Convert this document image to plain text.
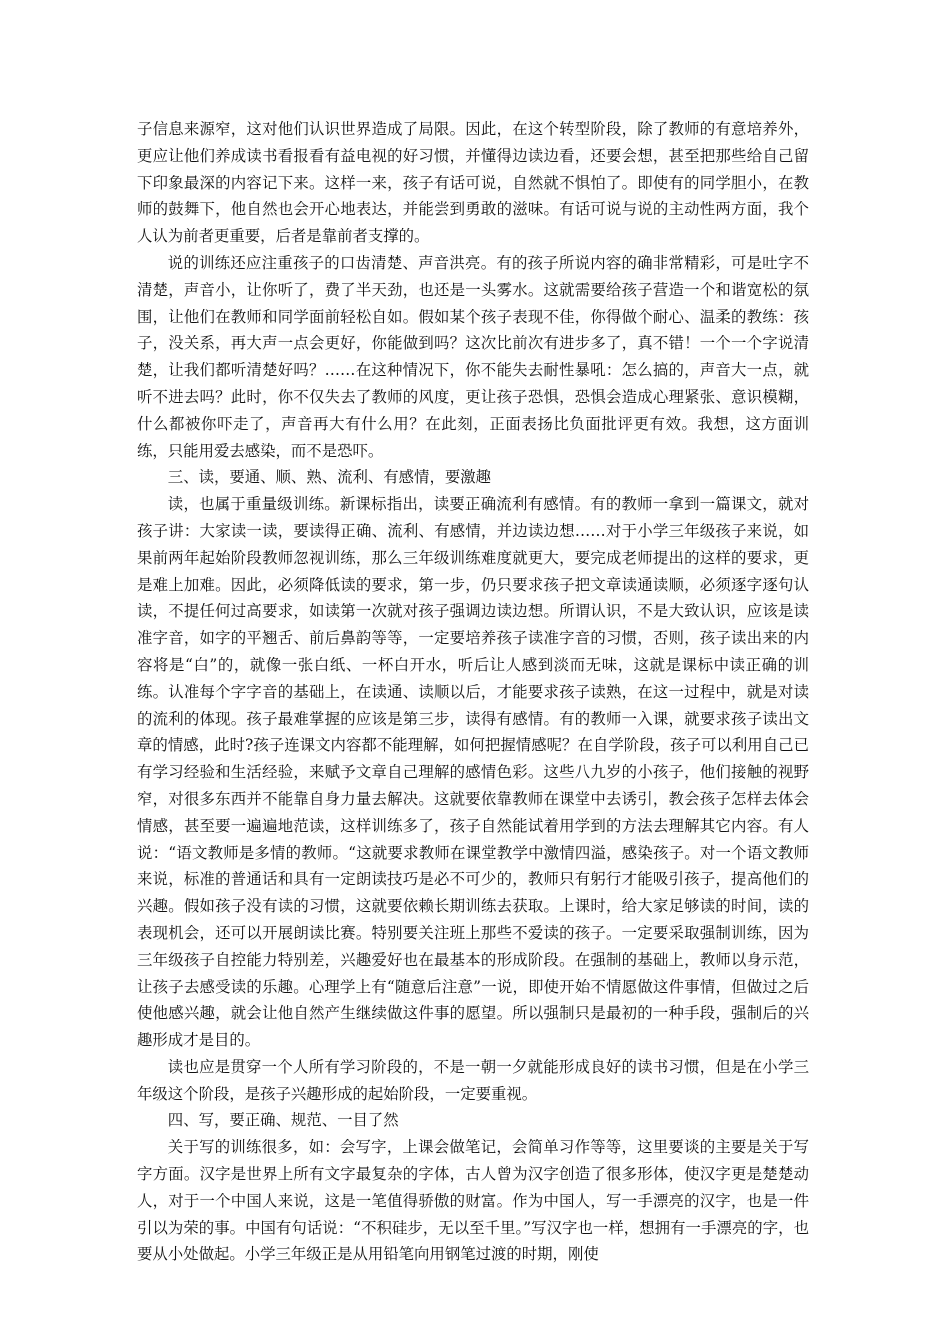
子信息来源窄，这对他们认识世界造成了局限。因此，在这个转型阶段，除了教师的有意培养外，更应让他们养成读书看报看有益电视的好习惯，并懂得边读边看，还要会想，甚至把那些给自己留下印象最深的内容记下来。这样一来，孩子有话可说，自然就不惧怕了。即使有的同学胆小，在教师的鼓舞下，他自然也会开心地表达，并能尝到勇敢的滋味。有话可说与说的主动性两方面，我个人认为前者更重要，后者是靠前者支撑的。

说的训练还应注重孩子的口齿清楚、声音洪亮。有的孩子所说内容的确非常精彩，可是吐字不清楚，声音小，让你听了，费了半天劲，也还是一头雾水。这就需要给孩子营造一个和谐宽松的氛围，让他们在教师和同学面前轻松自如。假如某个孩子表现不佳，你得做个耐心、温柔的教练：孩子，没关系，再大声一点会更好，你能做到吗？这次比前次有进步多了，真不错！一个一个字说清楚，让我们都听清楚好吗？……在这种情况下，你不能失去耐性暴吼：怎么搞的，声音大一点，就听不进去吗？此时，你不仅失去了教师的风度，更让孩子恐惧，恐惧会造成心理紧张、意识模糊，什么都被你吓走了，声音再大有什么用？在此刻，正面表扬比负面批评更有效。我想，这方面训练，只能用爱去感染，而不是恐吓。

三、读，要通、顺、熟、流利、有感情，要激趣

读，也属于重量级训练。新课标指出，读要正确流利有感情。有的教师一拿到一篇课文，就对孩子讲：大家读一读，要读得正确、流利、有感情，并边读边想……对于小学三年级孩子来说，如果前两年起始阶段教师忽视训练，那么三年级训练难度就更大，要完成老师提出的这样的要求，更是难上加难。因此，必须降低读的要求，第一步，仍只要求孩子把文章读通读顺，必须逐字逐句认读，不提任何过高要求，如读第一次就对孩子强调边读边想。所谓认识，不是大致认识，应该是读准字音，如字的平翘舌、前后鼻韵等等，一定要培养孩子读准字音的习惯，否则，孩子读出来的内容将是“白”的，就像一张白纸、一杯白开水，听后让人感到淡而无味，这就是课标中读正确的训练。认准每个字字音的基础上，在读通、读顺以后，才能要求孩子读熟，在这一过程中，就是对读的流利的体现。孩子最难掌握的应该是第三步，读得有感情。有的教师一入课，就要求孩子读出文章的情感，此时?孩子连课文内容都不能理解，如何把握情感呢？在自学阶段，孩子可以利用自己已有学习经验和生活经验，来赋予文章自己理解的感情色彩。这些八九岁的小孩子，他们接触的视野窄，对很多东西并不能靠自身力量去解决。这就要依靠教师在课堂中去诱引，教会孩子怎样去体会情感，甚至要一遍遍地范读，这样训练多了，孩子自然能试着用学到的方法去理解其它内容。有人说：“语文教师是多情的教师。“这就要求教师在课堂教学中激情四溢，感染孩子。对一个语文教师来说，标准的普通话和具有一定朗读技巧是必不可少的，教师只有躬行才能吸引孩子，提高他们的兴趣。假如孩子没有读的习惯，这就要依赖长期训练去获取。上课时，给大家足够读的时间，读的表现机会，还可以开展朗读比赛。特别要关注班上那些不爱读的孩子。一定要采取强制训练，因为三年级孩子自控能力特别差，兴趣爱好也在最基本的形成阶段。在强制的基础上，教师以身示范，让孩子去感受读的乐趣。心理学上有“随意后注意”一说，即使开始不情愿做这件事情，但做过之后使他感兴趣，就会让他自然产生继续做这件事的愿望。所以强制只是最初的一种手段，强制后的兴趣形成才是目的。

读也应是贯穿一个人所有学习阶段的，不是一朝一夕就能形成良好的读书习惯，但是在小学三年级这个阶段，是孩子兴趣形成的起始阶段，一定要重视。

四、写，要正确、规范、一目了然

关于写的训练很多，如：会写字，上课会做笔记，会简单习作等等，这里要谈的主要是关于写字方面。汉字是世界上所有文字最复杂的字体，古人曾为汉字创造了很多形体，使汉字更是楚楚动人，对于一个中国人来说，这是一笔值得骄傲的财富。作为中国人，写一手漂亮的汉字，也是一件引以为荣的事。中国有句话说：“不积硅步，无以至千里。”写汉字也一样，想拥有一手漂亮的字，也要从小处做起。小学三年级正是从用铅笔向用钢笔过渡的时期，刚使
